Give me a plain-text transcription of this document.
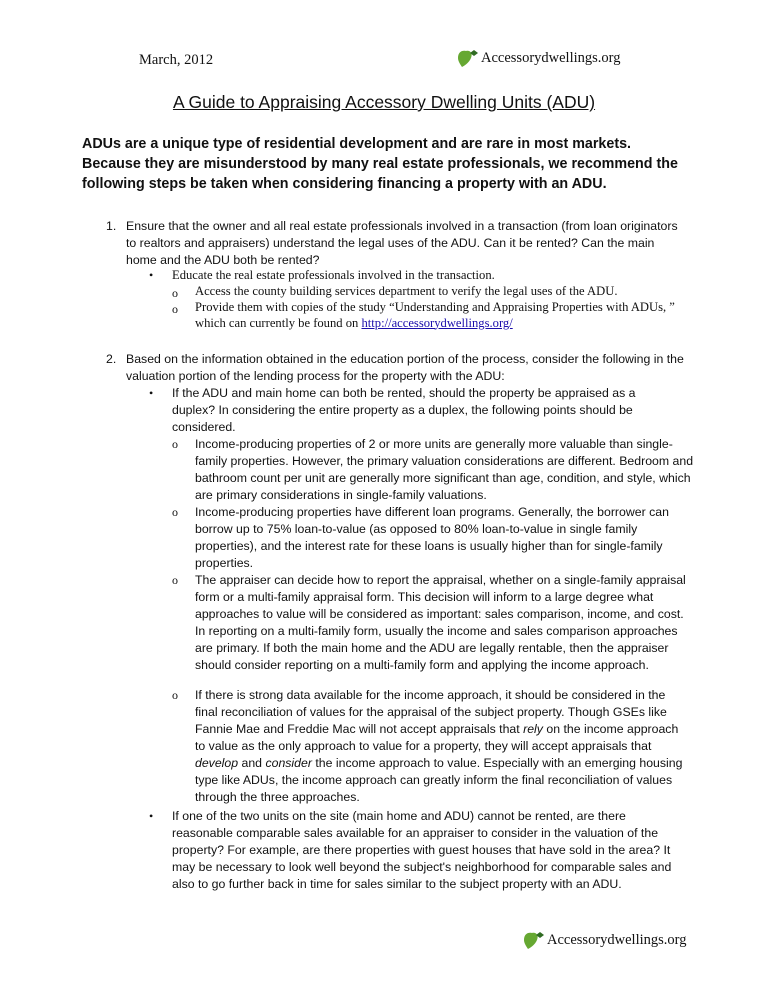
March, 2012	Accessorydwellings.org
A Guide to Appraising Accessory Dwelling Units (ADU)
ADUs are a unique type of residential development and are rare in most markets. Because they are misunderstood by many real estate professionals, we recommend the following steps be taken when considering financing a property with an ADU.
1. Ensure that the owner and all real estate professionals involved in a transaction (from loan originators to realtors and appraisers) understand the legal uses of the ADU. Can it be rented? Can the main home and the ADU both be rented?
• Educate the real estate professionals involved in the transaction.
o Access the county building services department to verify the legal uses of the ADU.
o Provide them with copies of the study “Understanding and Appraising Properties with ADUs, ” which can currently be found on http://accessorydwellings.org/
2. Based on the information obtained in the education portion of the process, consider the following in the valuation portion of the lending process for the property with the ADU:
• If the ADU and main home can both be rented, should the property be appraised as a duplex? In considering the entire property as a duplex, the following points should be considered.
o Income-producing properties of 2 or more units are generally more valuable than single-family properties. However, the primary valuation considerations are different. Bedroom and bathroom count per unit are generally more significant than age, condition, and style, which are primary considerations in single-family valuations.
o Income-producing properties have different loan programs. Generally, the borrower can borrow up to 75% loan-to-value (as opposed to 80% loan-to-value in single family properties), and the interest rate for these loans is usually higher than for single-family properties.
o The appraiser can decide how to report the appraisal, whether on a single-family appraisal form or a multi-family appraisal form. This decision will inform to a large degree what approaches to value will be considered as important: sales comparison, income, and cost. In reporting on a multi-family form, usually the income and sales comparison approaches are primary. If both the main home and the ADU are legally rentable, then the appraiser should consider reporting on a multi-family form and applying the income approach.
o If there is strong data available for the income approach, it should be considered in the final reconciliation of values for the appraisal of the subject property. Though GSEs like Fannie Mae and Freddie Mac will not accept appraisals that rely on the income approach to value as the only approach to value for a property, they will accept appraisals that develop and consider the income approach to value. Especially with an emerging housing type like ADUs, the income approach can greatly inform the final reconciliation of values through the three approaches.
• If one of the two units on the site (main home and ADU) cannot be rented, are there reasonable comparable sales available for an appraiser to consider in the valuation of the property? For example, are there properties with guest houses that have sold in the area? It may be necessary to look well beyond the subject's neighborhood for comparable sales and also to go further back in time for sales similar to the subject property with an ADU.
Accessorydwellings.org
